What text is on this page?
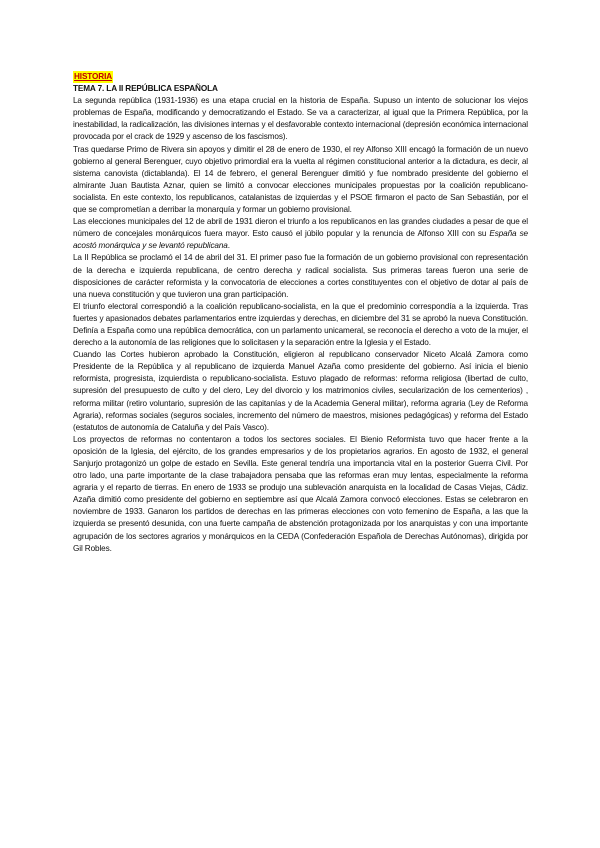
HISTORIA
TEMA 7. LA II REPÚBLICA ESPAÑOLA

La segunda república (1931-1936) es una etapa crucial en la historia de España. Supuso un intento de solucionar los viejos problemas de España, modificando y democratizando el Estado. Se va a caracterizar, al igual que la Primera República, por la inestabilidad, la radicalización, las divisiones internas y el desfavorable contexto internacional (depresión económica internacional provocada por el crack de 1929 y ascenso de los fascismos).

Tras quedarse Primo de Rivera sin apoyos y dimitir el 28 de enero de 1930, el rey Alfonso XIII encagó la formación de un nuevo gobierno al general Berenguer, cuyo objetivo primordial era la vuelta al régimen constitucional anterior a la dictadura, es decir, al sistema canovista (dictablanda). El 14 de febrero, el general Berenguer dimitió y fue nombrado presidente del gobierno el almirante Juan Bautista Aznar, quien se limitó a convocar elecciones municipales propuestas por la coalición republicano-socialista. En este contexto, los republicanos, catalanistas de izquierdas y el PSOE firmaron el pacto de San Sebastián, por el que se comprometían a derribar la monarquía y formar un gobierno provisional.

Las elecciones municipales del 12 de abril de 1931 dieron el triunfo a los republicanos en las grandes ciudades a pesar de que el número de concejales monárquicos fuera mayor. Esto causó el júbilo popular y la renuncia de Alfonso XIII con su España se acostó monárquica y se levantó republicana.

La II República se proclamó el 14 de abril del 31. El primer paso fue la formación de un gobierno provisional con representación de la derecha e izquierda republicana, de centro derecha y radical socialista. Sus primeras tareas fueron una serie de disposiciones de carácter reformista y la convocatoria de elecciones a cortes constituyentes con el objetivo de dotar al país de una nueva constitución y que tuvieron una gran participación.

El triunfo electoral correspondió a la coalición republicano-socialista, en la que el predominio correspondía a la izquierda. Tras fuertes y apasionados debates parlamentarios entre izquierdas y derechas, en diciembre del 31 se aprobó la nueva Constitución. Definía a España como una república democrática, con un parlamento unicameral, se reconocía el derecho a voto de la mujer, el derecho a la autonomía de las religiones que lo solicitasen y la separación entre la Iglesia y el Estado.

Cuando las Cortes hubieron aprobado la Constitución, eligieron al republicano conservador Niceto Alcalá Zamora como Presidente de la República y al republicano de izquierda Manuel Azaña como presidente del gobierno. Así inicia el bienio reformista, progresista, izquierdista o republicano-socialista. Estuvo plagado de reformas: reforma religiosa (libertad de culto, supresión del presupuesto de culto y del clero, Ley del divorcio y los matrimonios civiles, secularización de los cementerios) , reforma militar (retiro voluntario, supresión de las capitanías y de la Academia General militar), reforma agraria (Ley de Reforma Agraria), reformas sociales (seguros sociales, incremento del número de maestros, misiones pedagógicas) y reforma del Estado (estatutos de autonomía de Cataluña y del País Vasco).

Los proyectos de reformas no contentaron a todos los sectores sociales. El Bienio Reformista tuvo que hacer frente a la oposición de la Iglesia, del ejército, de los grandes empresarios y de los propietarios agrarios. En agosto de 1932, el general Sanjurjo protagonizó un golpe de estado en Sevilla. Este general tendría una importancia vital en la posterior Guerra Civil. Por otro lado, una parte importante de la clase trabajadora pensaba que las reformas eran muy lentas, especialmente la reforma agraria y el reparto de tierras. En enero de 1933 se produjo una sublevación anarquista en la localidad de Casas Viejas, Cádiz. Azaña dimitió como presidente del gobierno en septiembre así que Alcalá Zamora convocó elecciones. Estas se celebraron en noviembre de 1933. Ganaron los partidos de derechas en las primeras elecciones con voto femenino de España, a las que la izquierda se presentó desunida, con una fuerte campaña de abstención protagonizada por los anarquistas y con una importante agrupación de los sectores agrarios y monárquicos en la CEDA (Confederación Española de Derechas Autónomas), dirigida por Gil Robles.
